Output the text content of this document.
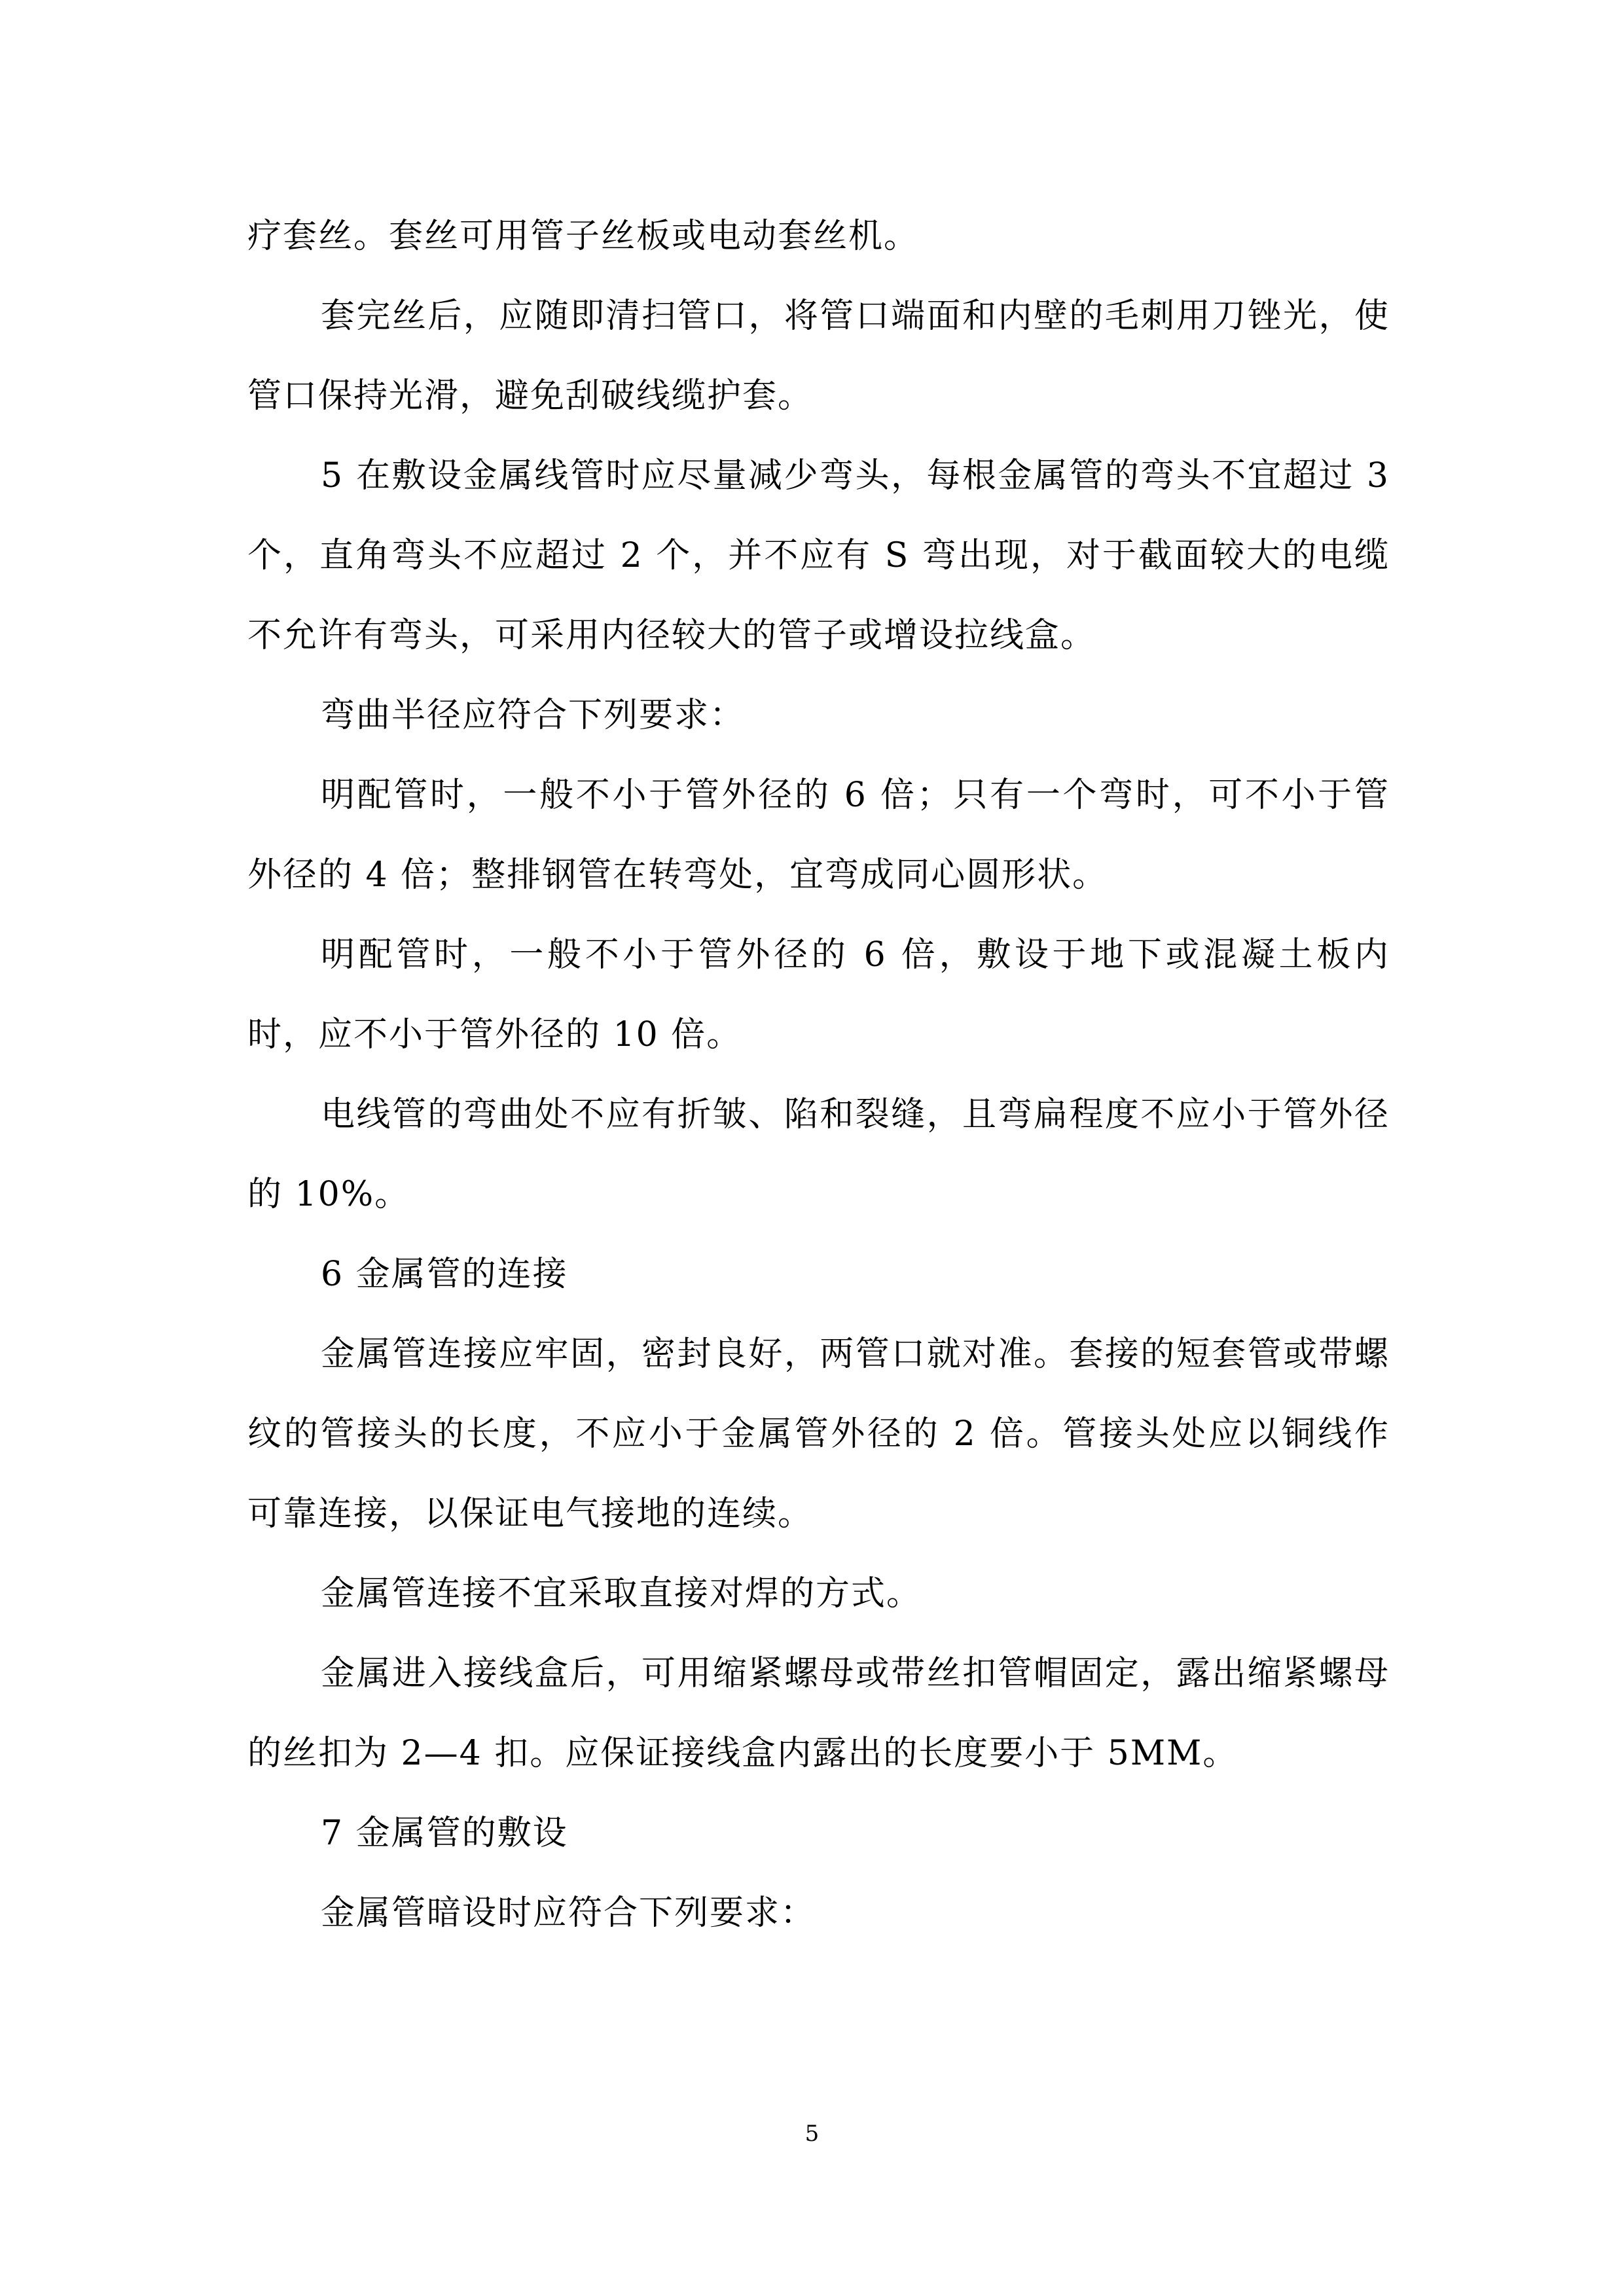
疗套丝。套丝可用管子丝板或电动套丝机。

套完丝后，应随即清扫管口，将管口端面和内壁的毛刺用刀锉光，使管口保持光滑，避免刮破线缆护套。

5 在敷设金属线管时应尽量减少弯头，每根金属管的弯头不宜超过 3 个，直角弯头不应超过 2 个，并不应有 S 弯出现，对于截面较大的电缆不允许有弯头，可采用内径较大的管子或增设拉线盒。

弯曲半径应符合下列要求：

明配管时，一般不小于管外径的 6 倍；只有一个弯时，可不小于管外径的 4 倍；整排钢管在转弯处，宜弯成同心圆形状。

明配管时，一般不小于管外径的 6 倍，敷设于地下或混凝土板内时，应不小于管外径的 10 倍。

电线管的弯曲处不应有折皱、陷和裂缝，且弯扁程度不应小于管外径的 10%。

6 金属管的连接

金属管连接应牢固，密封良好，两管口就对准。套接的短套管或带螺纹的管接头的长度，不应小于金属管外径的 2 倍。管接头处应以铜线作可靠连接，以保证电气接地的连续。

金属管连接不宜采取直接对焊的方式。

金属进入接线盒后，可用缩紧螺母或带丝扣管帽固定，露出缩紧螺母的丝扣为 2—4 扣。应保证接线盒内露出的长度要小于 5MM。

7 金属管的敷设

金属管暗设时应符合下列要求：

5
